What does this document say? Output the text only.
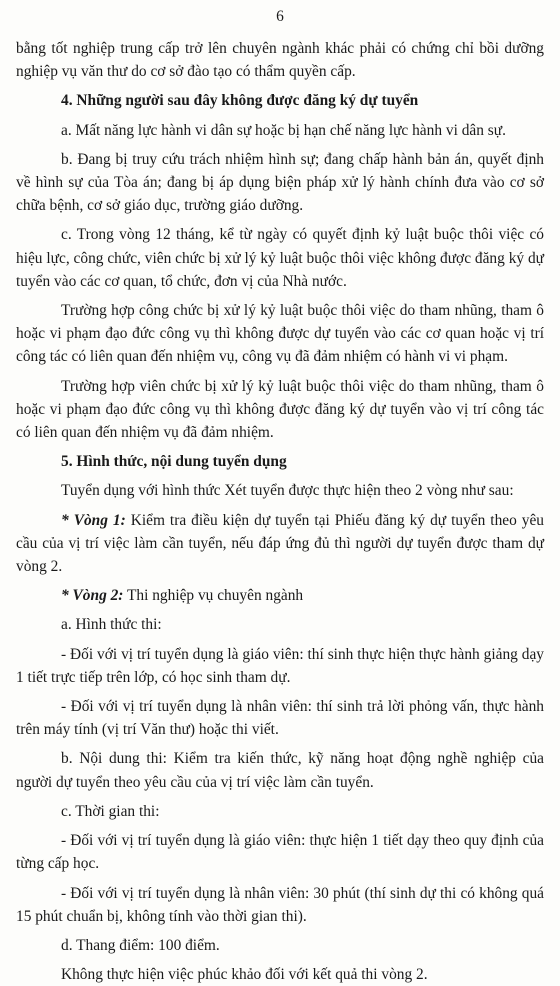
6

bằng tốt nghiệp trung cấp trở lên chuyên ngành khác phải có chứng chỉ bồi dưỡng nghiệp vụ văn thư do cơ sở đào tạo có thẩm quyền cấp.

4. Những người sau đây không được đăng ký dự tuyển

a. Mất năng lực hành vi dân sự hoặc bị hạn chế năng lực hành vi dân sự.

b. Đang bị truy cứu trách nhiệm hình sự; đang chấp hành bản án, quyết định về hình sự của Tòa án; đang bị áp dụng biện pháp xử lý hành chính đưa vào cơ sở chữa bệnh, cơ sở giáo dục, trường giáo dưỡng.

c. Trong vòng 12 tháng, kể từ ngày có quyết định kỷ luật buộc thôi việc có hiệu lực, công chức, viên chức bị xử lý kỷ luật buộc thôi việc không được đăng ký dự tuyển vào các cơ quan, tổ chức, đơn vị của Nhà nước.

Trường hợp công chức bị xử lý kỷ luật buộc thôi việc do tham nhũng, tham ô hoặc vi phạm đạo đức công vụ thì không được dự tuyển vào các cơ quan hoặc vị trí công tác có liên quan đến nhiệm vụ, công vụ đã đảm nhiệm có hành vi vi phạm.

Trường hợp viên chức bị xử lý kỷ luật buộc thôi việc do tham nhũng, tham ô hoặc vi phạm đạo đức công vụ thì không được đăng ký dự tuyển vào vị trí công tác có liên quan đến nhiệm vụ đã đảm nhiệm.

5. Hình thức, nội dung tuyển dụng

Tuyển dụng với hình thức Xét tuyển được thực hiện theo 2 vòng như sau:

* Vòng 1: Kiểm tra điều kiện dự tuyển tại Phiếu đăng ký dự tuyển theo yêu cầu của vị trí việc làm cần tuyển, nếu đáp ứng đủ thì người dự tuyển được tham dự vòng 2.

* Vòng 2: Thi nghiệp vụ chuyên ngành

a. Hình thức thi:

- Đối với vị trí tuyển dụng là giáo viên: thí sinh thực hiện thực hành giảng dạy 1 tiết trực tiếp trên lớp, có học sinh tham dự.

- Đối với vị trí tuyển dụng là nhân viên: thí sinh trả lời phỏng vấn, thực hành trên máy tính (vị trí Văn thư) hoặc thi viết.

b. Nội dung thi: Kiểm tra kiến thức, kỹ năng hoạt động nghề nghiệp của người dự tuyển theo yêu cầu của vị trí việc làm cần tuyển.

c. Thời gian thi:

- Đối với vị trí tuyển dụng là giáo viên: thực hiện 1 tiết dạy theo quy định của từng cấp học.

- Đối với vị trí tuyển dụng là nhân viên: 30 phút (thí sinh dự thi có không quá 15 phút chuẩn bị, không tính vào thời gian thi).

d. Thang điểm: 100 điểm.

Không thực hiện việc phúc khảo đối với kết quả thi vòng 2.
